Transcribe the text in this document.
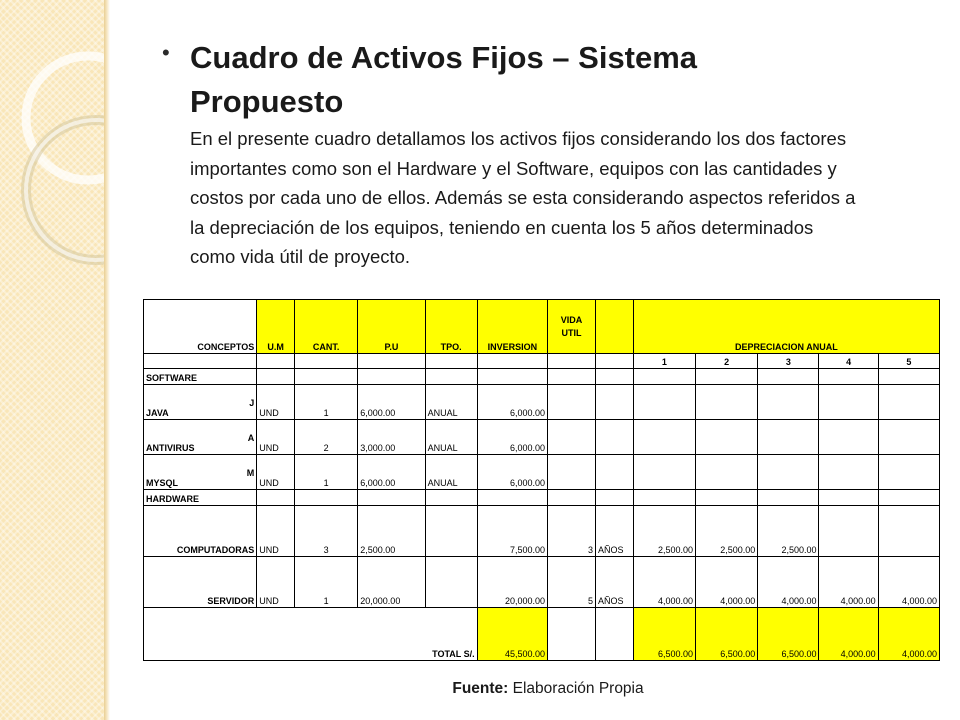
• Cuadro de Activos Fijos – Sistema Propuesto
En el presente cuadro detallamos los activos fijos considerando los dos factores importantes como son el Hardware y el Software, equipos con las cantidades y costos por cada uno de ellos. Además se esta considerando aspectos referidos a la depreciación de los equipos, teniendo en cuenta los 5 años determinados como vida útil de proyecto.
CONCEPTOS	U.M	CANT.	P.U	TPO.	INVERSION	VIDA UTIL		DEPRECIACION ANUAL				
								1	2	3	4	5
SOFTWARE												

J
JAVA	UND	1	6,000.00	ANUAL	6,000.00							

A
ANTIVIRUS	UND	2	3,000.00	ANUAL	6,000.00							

M
MYSQL	UND	1	6,000.00	ANUAL	6,000.00							
HARDWARE												
COMPUTADORAS	UND	3	2,500.00		7,500.00	3	AÑOS	2,500.00	2,500.00	2,500.00		
SERVIDOR	UND	1	20,000.00		20,000.00	5	AÑOS	4,000.00	4,000.00	4,000.00	4,000.00	4,000.00
TOTAL S/.					45,500.00			6,500.00	6,500.00	6,500.00	4,000.00	4,000.00
Fuente: Elaboración Propia
